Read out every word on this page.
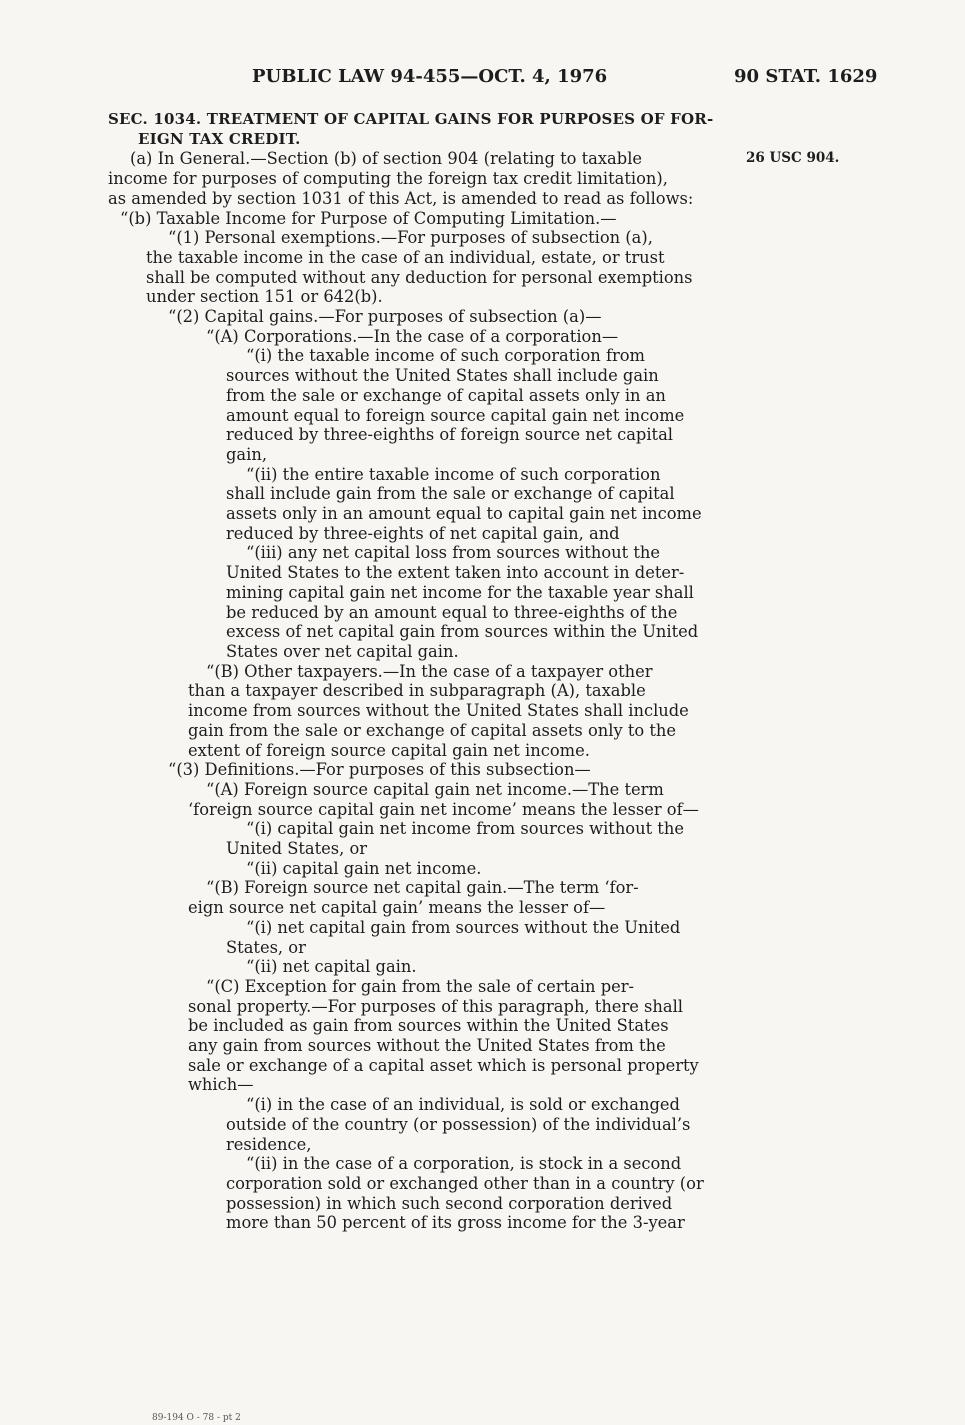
PUBLIC LAW 94-455—OCT. 4, 1976	90 STAT. 1629
26 USC 904.
SEC. 1034. TREATMENT OF CAPITAL GAINS FOR PURPOSES OF FOR-
EIGN TAX CREDIT.
(a) In General.—Section (b) of section 904 (relating to taxable
income for purposes of computing the foreign tax credit limitation),
as amended by section 1031 of this Act, is amended to read as follows:
“(b) Taxable Income for Purpose of Computing Limitation.—
“(1) Personal exemptions.—For purposes of subsection (a),
the taxable income in the case of an individual, estate, or trust
shall be computed without any deduction for personal exemptions
under section 151 or 642(b).
“(2) Capital gains.—For purposes of subsection (a)—
“(A) Corporations.—In the case of a corporation—
“(i) the taxable income of such corporation from
sources without the United States shall include gain
from the sale or exchange of capital assets only in an
amount equal to foreign source capital gain net income
reduced by three-eighths of foreign source net capital
gain,
“(ii) the entire taxable income of such corporation
shall include gain from the sale or exchange of capital
assets only in an amount equal to capital gain net income
reduced by three-eights of net capital gain, and
“(iii) any net capital loss from sources without the
United States to the extent taken into account in deter-
mining capital gain net income for the taxable year shall
be reduced by an amount equal to three-eighths of the
excess of net capital gain from sources within the United
States over net capital gain.
“(B) Other taxpayers.—In the case of a taxpayer other
than a taxpayer described in subparagraph (A), taxable
income from sources without the United States shall include
gain from the sale or exchange of capital assets only to the
extent of foreign source capital gain net income.
“(3) Definitions.—For purposes of this subsection—
“(A) Foreign source capital gain net income.—The term
‘foreign source capital gain net income’ means the lesser of—
“(i) capital gain net income from sources without the
United States, or
“(ii) capital gain net income.
“(B) Foreign source net capital gain.—The term ‘for-
eign source net capital gain’ means the lesser of—
“(i) net capital gain from sources without the United
States, or
“(ii) net capital gain.
“(C) Exception for gain from the sale of certain per-
sonal property.—For purposes of this paragraph, there shall
be included as gain from sources within the United States
any gain from sources without the United States from the
sale or exchange of a capital asset which is personal property
which—
“(i) in the case of an individual, is sold or exchanged
outside of the country (or possession) of the individual’s
residence,
“(ii) in the case of a corporation, is stock in a second
corporation sold or exchanged other than in a country (or
possession) in which such second corporation derived
more than 50 percent of its gross income for the 3-year
89-194 O - 78 - pt 2
